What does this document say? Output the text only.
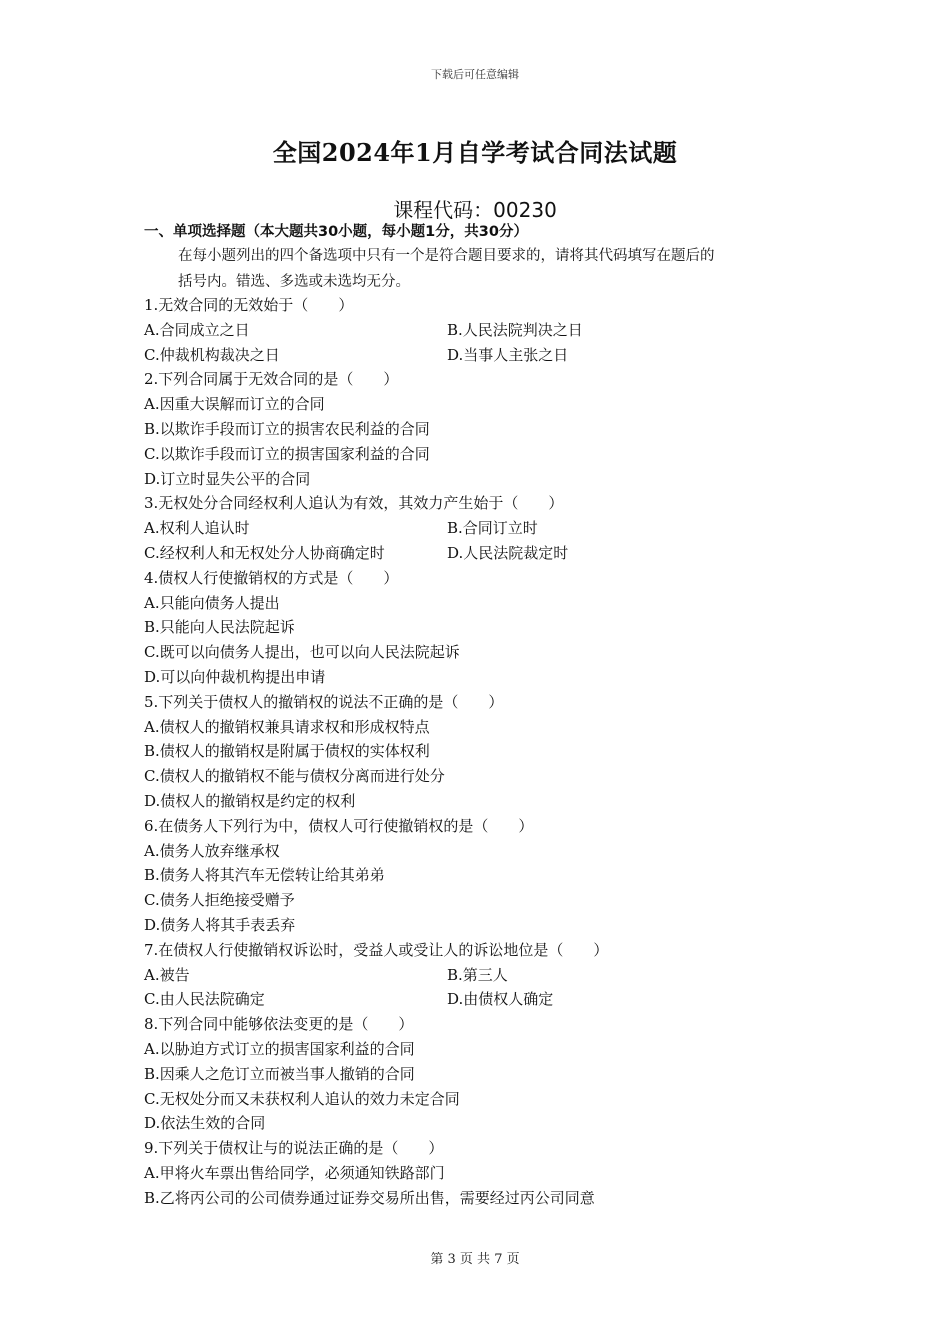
下载后可任意编辑
全国2024年1月自学考试合同法试题
课程代码：00230
一、单项选择题（本大题共30小题，每小题1分，共30分）
在每小题列出的四个备选项中只有一个是符合题目要求的，请将其代码填写在题后的
括号内。错选、多选或未选均无分。
1.无效合同的无效始于（　　）
A.合同成立之日	B.人民法院判决之日
C.仲裁机构裁决之日	D.当事人主张之日
2.下列合同属于无效合同的是（　　）
A.因重大误解而订立的合同
B.以欺诈手段而订立的损害农民利益的合同
C.以欺诈手段而订立的损害国家利益的合同
D.订立时显失公平的合同
3.无权处分合同经权利人追认为有效，其效力产生始于（　　）
A.权利人追认时	B.合同订立时
C.经权利人和无权处分人协商确定时	D.人民法院裁定时
4.债权人行使撤销权的方式是（　　）
A.只能向债务人提出
B.只能向人民法院起诉
C.既可以向债务人提出，也可以向人民法院起诉
D.可以向仲裁机构提出申请
5.下列关于债权人的撤销权的说法不正确的是（　　）
A.债权人的撤销权兼具请求权和形成权特点
B.债权人的撤销权是附属于债权的实体权利
C.债权人的撤销权不能与债权分离而进行处分
D.债权人的撤销权是约定的权利
6.在债务人下列行为中，债权人可行使撤销权的是（　　）
A.债务人放弃继承权
B.债务人将其汽车无偿转让给其弟弟
C.债务人拒绝接受赠予
D.债务人将其手表丢弃
7.在债权人行使撤销权诉讼时，受益人或受让人的诉讼地位是（　　）
A.被告	B.第三人
C.由人民法院确定	D.由债权人确定
8.下列合同中能够依法变更的是（　　）
A.以胁迫方式订立的损害国家利益的合同
B.因乘人之危订立而被当事人撤销的合同
C.无权处分而又未获权利人追认的效力未定合同
D.依法生效的合同
9.下列关于债权让与的说法正确的是（　　）
A.甲将火车票出售给同学，必须通知铁路部门
B.乙将丙公司的公司债券通过证券交易所出售，需要经过丙公司同意
第 3 页 共 7 页
